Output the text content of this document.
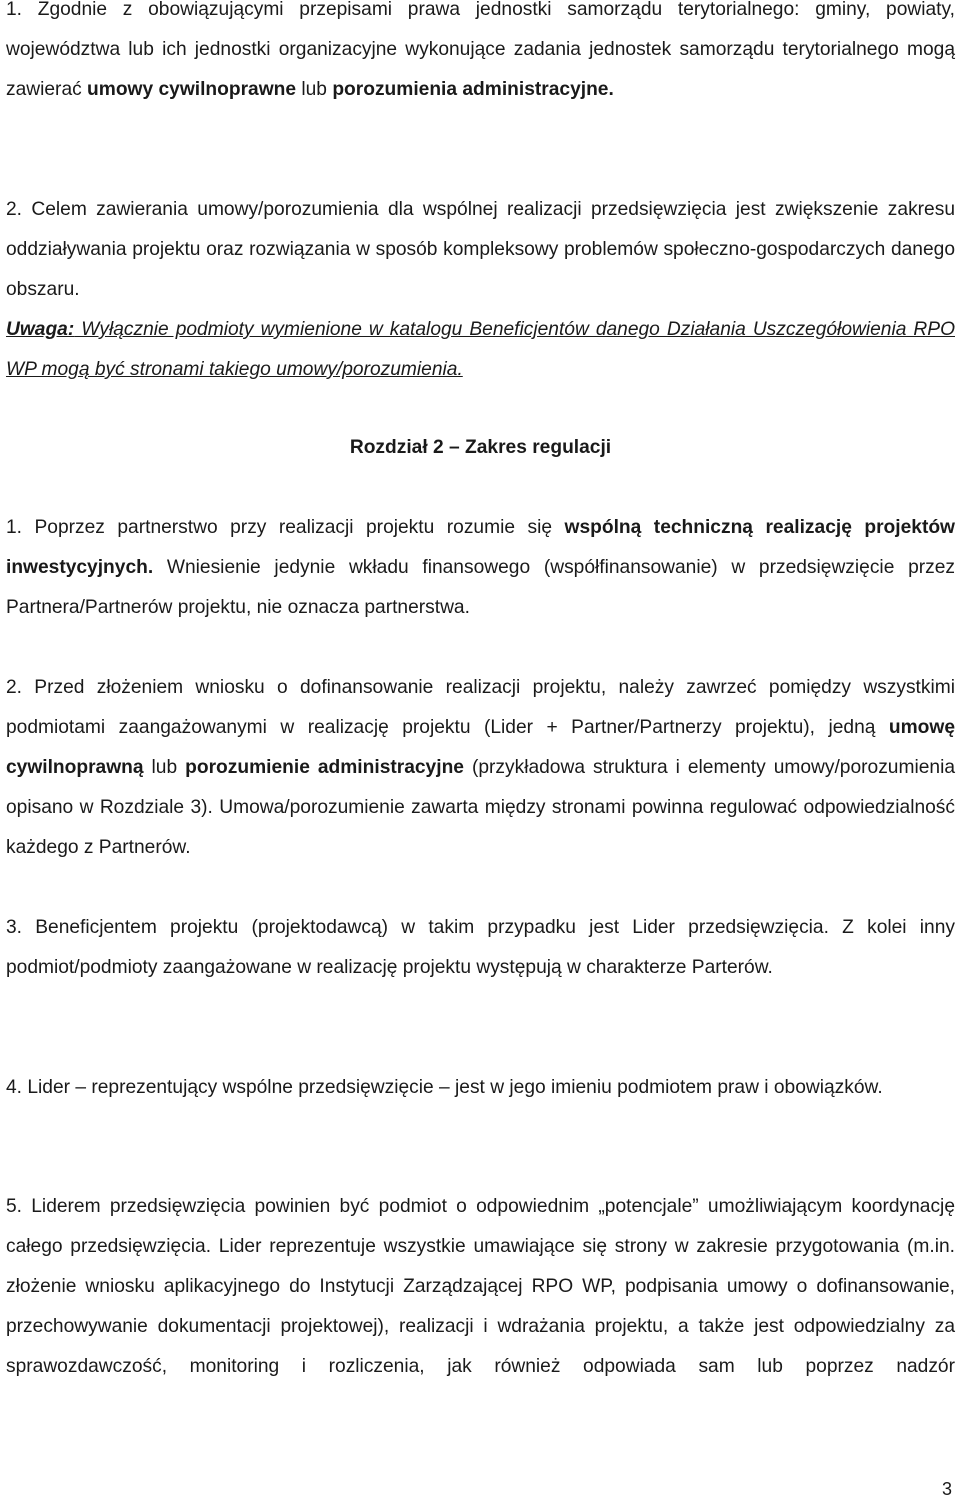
1. Zgodnie z obowiązującymi przepisami prawa jednostki samorządu terytorialnego: gminy, powiaty, województwa lub ich jednostki organizacyjne wykonujące zadania jednostek samorządu terytorialnego mogą zawierać umowy cywilnoprawne lub porozumienia administracyjne.

2. Celem zawierania umowy/porozumienia dla wspólnej realizacji przedsięwzięcia jest zwiększenie zakresu oddziaływania projektu oraz rozwiązania w sposób kompleksowy problemów społeczno-gospodarczych danego obszaru.

Uwaga: Wyłącznie podmioty wymienione w katalogu Beneficjentów danego Działania Uszczegółowienia RPO WP mogą być stronami takiego umowy/porozumienia.

Rozdział 2 – Zakres regulacji

1. Poprzez partnerstwo przy realizacji projektu rozumie się wspólną techniczną realizację projektów inwestycyjnych. Wniesienie jedynie wkładu finansowego (współfinansowanie) w przedsięwzięcie przez Partnera/Partnerów projektu, nie oznacza partnerstwa.

2. Przed złożeniem wniosku o dofinansowanie realizacji projektu, należy zawrzeć pomiędzy wszystkimi podmiotami zaangażowanymi w realizację projektu (Lider + Partner/Partnerzy projektu), jedną umowę cywilnoprawną lub porozumienie administracyjne (przykładowa struktura i elementy umowy/porozumienia opisano w Rozdziale 3). Umowa/porozumienie zawarta między stronami powinna regulować odpowiedzialność każdego z Partnerów.

3. Beneficjentem projektu (projektodawcą) w takim przypadku jest Lider przedsięwzięcia. Z kolei inny podmiot/podmioty zaangażowane w realizację projektu występują w charakterze Parterów.

4. Lider – reprezentujący wspólne przedsięwzięcie – jest w jego imieniu podmiotem praw i obowiązków.

5. Liderem przedsięwzięcia powinien być podmiot o odpowiednim „potencjale” umożliwiającym koordynację całego przedsięwzięcia. Lider reprezentuje wszystkie umawiające się strony w zakresie przygotowania (m.in. złożenie wniosku aplikacyjnego do Instytucji Zarządzającej RPO WP, podpisania umowy o dofinansowanie, przechowywanie dokumentacji projektowej), realizacji i wdrażania projektu, a także jest odpowiedzialny za sprawozdawczość, monitoring i rozliczenia, jak również odpowiada sam lub poprzez nadzór

3
